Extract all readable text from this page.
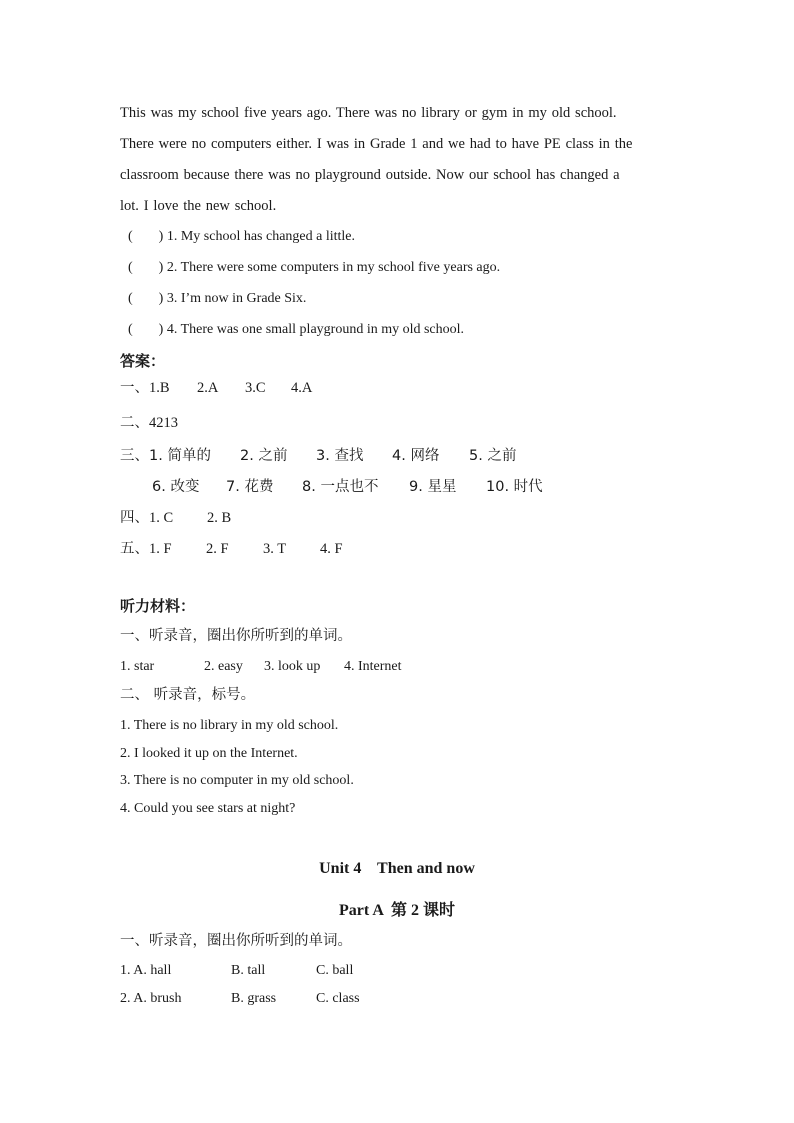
This was my school five years ago. There was no library or gym in my old school.
There were no computers either. I was in Grade 1 and we had to have PE class in the
classroom because there was no playground outside. Now our school has changed a
lot. I love the new school.
( ) 1. My school has changed a little.
( ) 2. There were some computers in my school five years ago.
( ) 3. I’m now in Grade Six.
( ) 4. There was one small playground in my old school.
答案：
一、 1.B	2.A	3.C	4.A
二、 4213
三、 1. 简单的	2. 之前	3. 查找	4. 网络	5. 之前
6. 改变	7. 花费	8. 一点也不	9. 星星	10. 时代
四、 1. C	2. B
五、 1. F	2. F	3. T	4. F
听力材料：
一、听录音，圈出你所听到的单词。
1. star	2. easy	3. look up	4. Internet
二、 听录音，标号。
1. There is no library in my old school.
2. I looked it up on the Internet.
3. There is no computer in my old school.
4. Could you see stars at night?
Unit 4    Then and now
Part A  第 2 课时
一、听录音，圈出你所听到的单词。
1. A. hall	B. tall	C. ball
2. A. brush	B. grass	C. class
